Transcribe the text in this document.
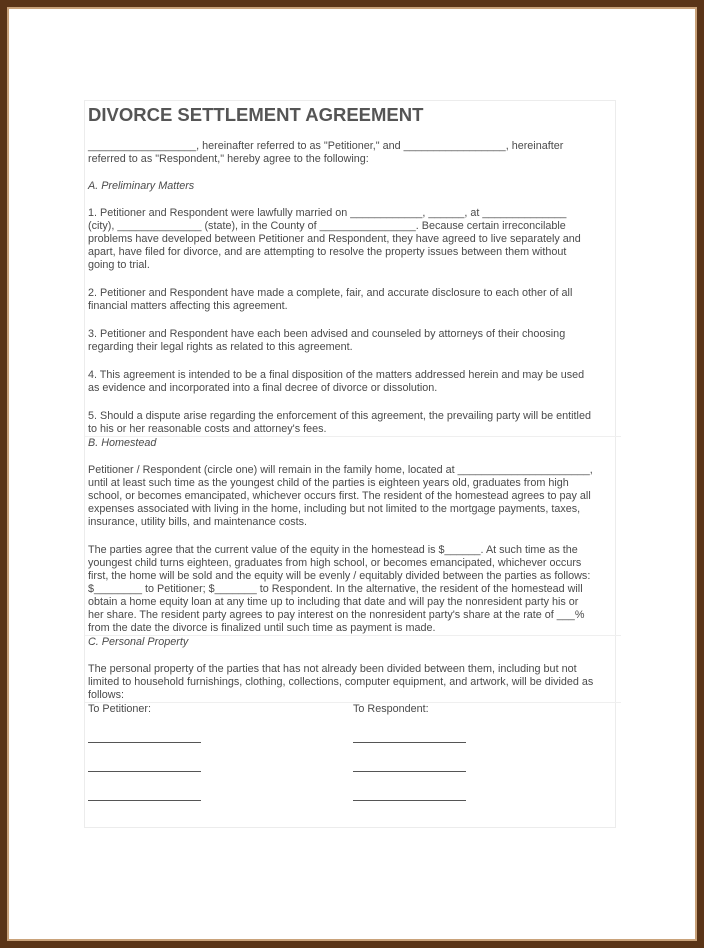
DIVORCE SETTLEMENT AGREEMENT

__________________, hereinafter referred to as "Petitioner," and _________________, hereinafter
referred to as "Respondent," hereby agree to the following:

A. Preliminary Matters

1. Petitioner and Respondent were lawfully married on ____________, ______, at ______________
(city), ______________ (state), in the County of ________________. Because certain irreconcilable
problems have developed between Petitioner and Respondent, they have agreed to live separately and
apart, have filed for divorce, and are attempting to resolve the property issues between them without
going to trial.

2. Petitioner and Respondent have made a complete, fair, and accurate disclosure to each other of all
financial matters affecting this agreement.

3. Petitioner and Respondent have each been advised and counseled by attorneys of their choosing
regarding their legal rights as related to this agreement.

4. This agreement is intended to be a final disposition of the matters addressed herein and may be used
as evidence and incorporated into a final decree of divorce or dissolution.

5. Should a dispute arise regarding the enforcement of this agreement, the prevailing party will be entitled
to his or her reasonable costs and attorney's fees.

B. Homestead

Petitioner / Respondent (circle one) will remain in the family home, located at ______________________,
until at least such time as the youngest child of the parties is eighteen years old, graduates from high
school, or becomes emancipated, whichever occurs first. The resident of the homestead agrees to pay all
expenses associated with living in the home, including but not limited to the mortgage payments, taxes,
insurance, utility bills, and maintenance costs.

The parties agree that the current value of the equity in the homestead is $______. At such time as the
youngest child turns eighteen, graduates from high school, or becomes emancipated, whichever occurs
first, the home will be sold and the equity will be evenly / equitably divided between the parties as follows:
$________ to Petitioner; $_______ to Respondent. In the alternative, the resident of the homestead will
obtain a home equity loan at any time up to including that date and will pay the nonresident party his or
her share. The resident party agrees to pay interest on the nonresident party's share at the rate of ___%
from the date the divorce is finalized until such time as payment is made.

C. Personal Property

The personal property of the parties that has not already been divided between them, including but not
limited to household furnishings, clothing, collections, computer equipment, and artwork, will be divided as
follows:

To Petitioner:	To Respondent:
